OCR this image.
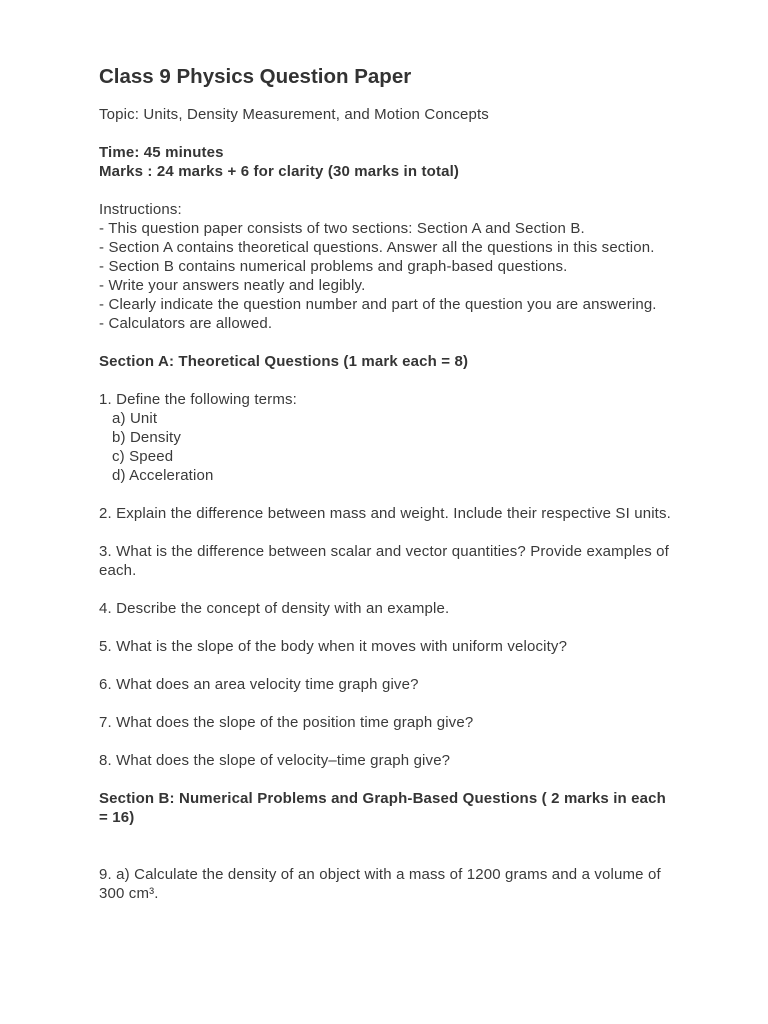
Class 9 Physics Question Paper
Topic: Units, Density Measurement, and Motion Concepts
Time: 45 minutes
Marks : 24 marks + 6 for clarity (30 marks in total)
Instructions:
- This question paper consists of two sections: Section A and Section B.
- Section A contains theoretical questions. Answer all the questions in this section.
- Section B contains numerical problems and graph-based questions.
- Write your answers neatly and legibly.
- Clearly indicate the question number and part of the question you are answering.
- Calculators are allowed.
Section A: Theoretical Questions (1 mark each = 8)
1. Define the following terms:
a) Unit
b) Density
c) Speed
d) Acceleration
2. Explain the difference between mass and weight. Include their respective SI units.
3. What is the difference between scalar and vector quantities? Provide examples of each.
4. Describe the concept of density with an example.
5. What is the slope of the body when it moves with uniform velocity?
6. What does an area velocity time graph give?
7. What does the slope of the position time graph give?
8. What does the slope of velocity–time graph give?
Section B: Numerical Problems and Graph-Based Questions ( 2 marks in each = 16)
9. a) Calculate the density of an object with a mass of 1200 grams and a volume of 300 cm³.
